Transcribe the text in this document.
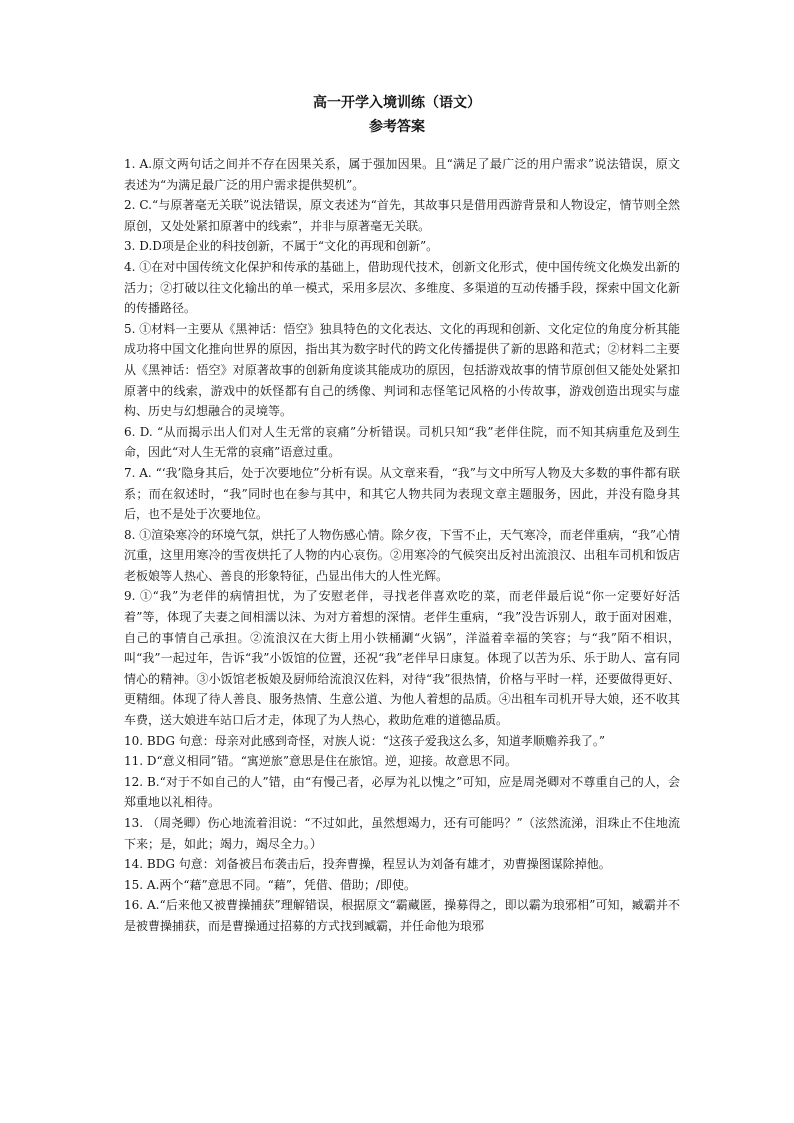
高一开学入境训练（语文）
参考答案

1. A.原文两句话之间并不存在因果关系，属于强加因果。且“满足了最广泛的用户需求”说法错误，原文表述为“为满足最广泛的用户需求提供契机”。

2. C.“与原著毫无关联”说法错误，原文表述为“首先，其故事只是借用西游背景和人物设定，情节则全然原创，又处处紧扣原著中的线索”，并非与原著毫无关联。

3. D.D项是企业的科技创新，不属于“文化的再现和创新”。

4. ①在对中国传统文化保护和传承的基础上，借助现代技术，创新文化形式，使中国传统文化焕发出新的活力；②打破以往文化输出的单一模式，采用多层次、多维度、多渠道的互动传播手段，探索中国文化新的传播路径。

5. ①材料一主要从《黑神话：悟空》独具特色的文化表达、文化的再现和创新、文化定位的角度分析其能成功将中国文化推向世界的原因，指出其为数字时代的跨文化传播提供了新的思路和范式；②材料二主要从《黑神话：悟空》对原著故事的创新角度谈其能成功的原因，包括游戏故事的情节原创但又能处处紧扣原著中的线索，游戏中的妖怪都有自己的绣像、判词和志怪笔记风格的小传故事，游戏创造出现实与虚构、历史与幻想融合的灵境等。

6. D. “从而揭示出人们对人生无常的哀痛”分析错误。司机只知“我”老伴住院，而不知其病重危及到生命，因此“对人生无常的哀痛”语意过重。

7. A. “‘我’隐身其后，处于次要地位”分析有误。从文章来看，“我”与文中所写人物及大多数的事件都有联系；而在叙述时，“我”同时也在参与其中，和其它人物共同为表现文章主题服务，因此，并没有隐身其后，也不是处于次要地位。

8. ①渲染寒冷的环境气氛，烘托了人物伤感心情。除夕夜，下雪不止，天气寒冷，而老伴重病，“我”心情沉重，这里用寒冷的雪夜烘托了人物的内心哀伤。②用寒冷的气候突出反衬出流浪汉、出租车司机和饭店老板娘等人热心、善良的形象特征，凸显出伟大的人性光辉。

9. ①“我”为老伴的病情担忧，为了安慰老伴，寻找老伴喜欢吃的菜，而老伴最后说“你一定要好好活着”等，体现了夫妻之间相濡以沫、为对方着想的深情。老伴生重病，“我”没告诉别人，敢于面对困难，自己的事情自己承担。②流浪汉在大街上用小铁桶涮“火锅”，洋溢着幸福的笑容；与“我”陌不相识，叫“我”一起过年，告诉“我”小饭馆的位置，还祝“我”老伴早日康复。体现了以苦为乐、乐于助人、富有同情心的精神。③小饭馆老板娘及厨师给流浪汉佐料，对待“我”很热情，价格与平时一样，还要做得更好、更精细。体现了待人善良、服务热情、生意公道、为他人着想的品质。④出租车司机开导大娘，还不收其车费，送大娘进车站口后才走，体现了为人热心，救助危难的道德品质。

10. BDG 句意：母亲对此感到奇怪，对族人说：“这孩子爱我这么多，知道孝顺赡养我了。”

11. D“意义相同”错。“寓逆旅”意思是住在旅馆。逆，迎接。故意思不同。

12. B.“对于不如自己的人”错，由“有慢己者，必厚为礼以愧之”可知，应是周尧卿对不尊重自己的人，会郑重地以礼相待。

13. （周尧卿）伤心地流着泪说：“不过如此，虽然想竭力，还有可能吗？”（泫然流涕，泪珠止不住地流下来；是，如此；竭力，竭尽全力。）

14. BDG 句意：刘备被吕布袭击后，投奔曹操，程昱认为刘备有雄才，劝曹操图谋除掉他。

15. A.两个“藉”意思不同。“藉”，凭借、借助；/即使。

16. A.“后来他又被曹操捕获”理解错误，根据原文“霸藏匿，操募得之，即以霸为琅邪相”可知，臧霸并不是被曹操捕获，而是曹操通过招募的方式找到臧霸，并任命他为琅邪
